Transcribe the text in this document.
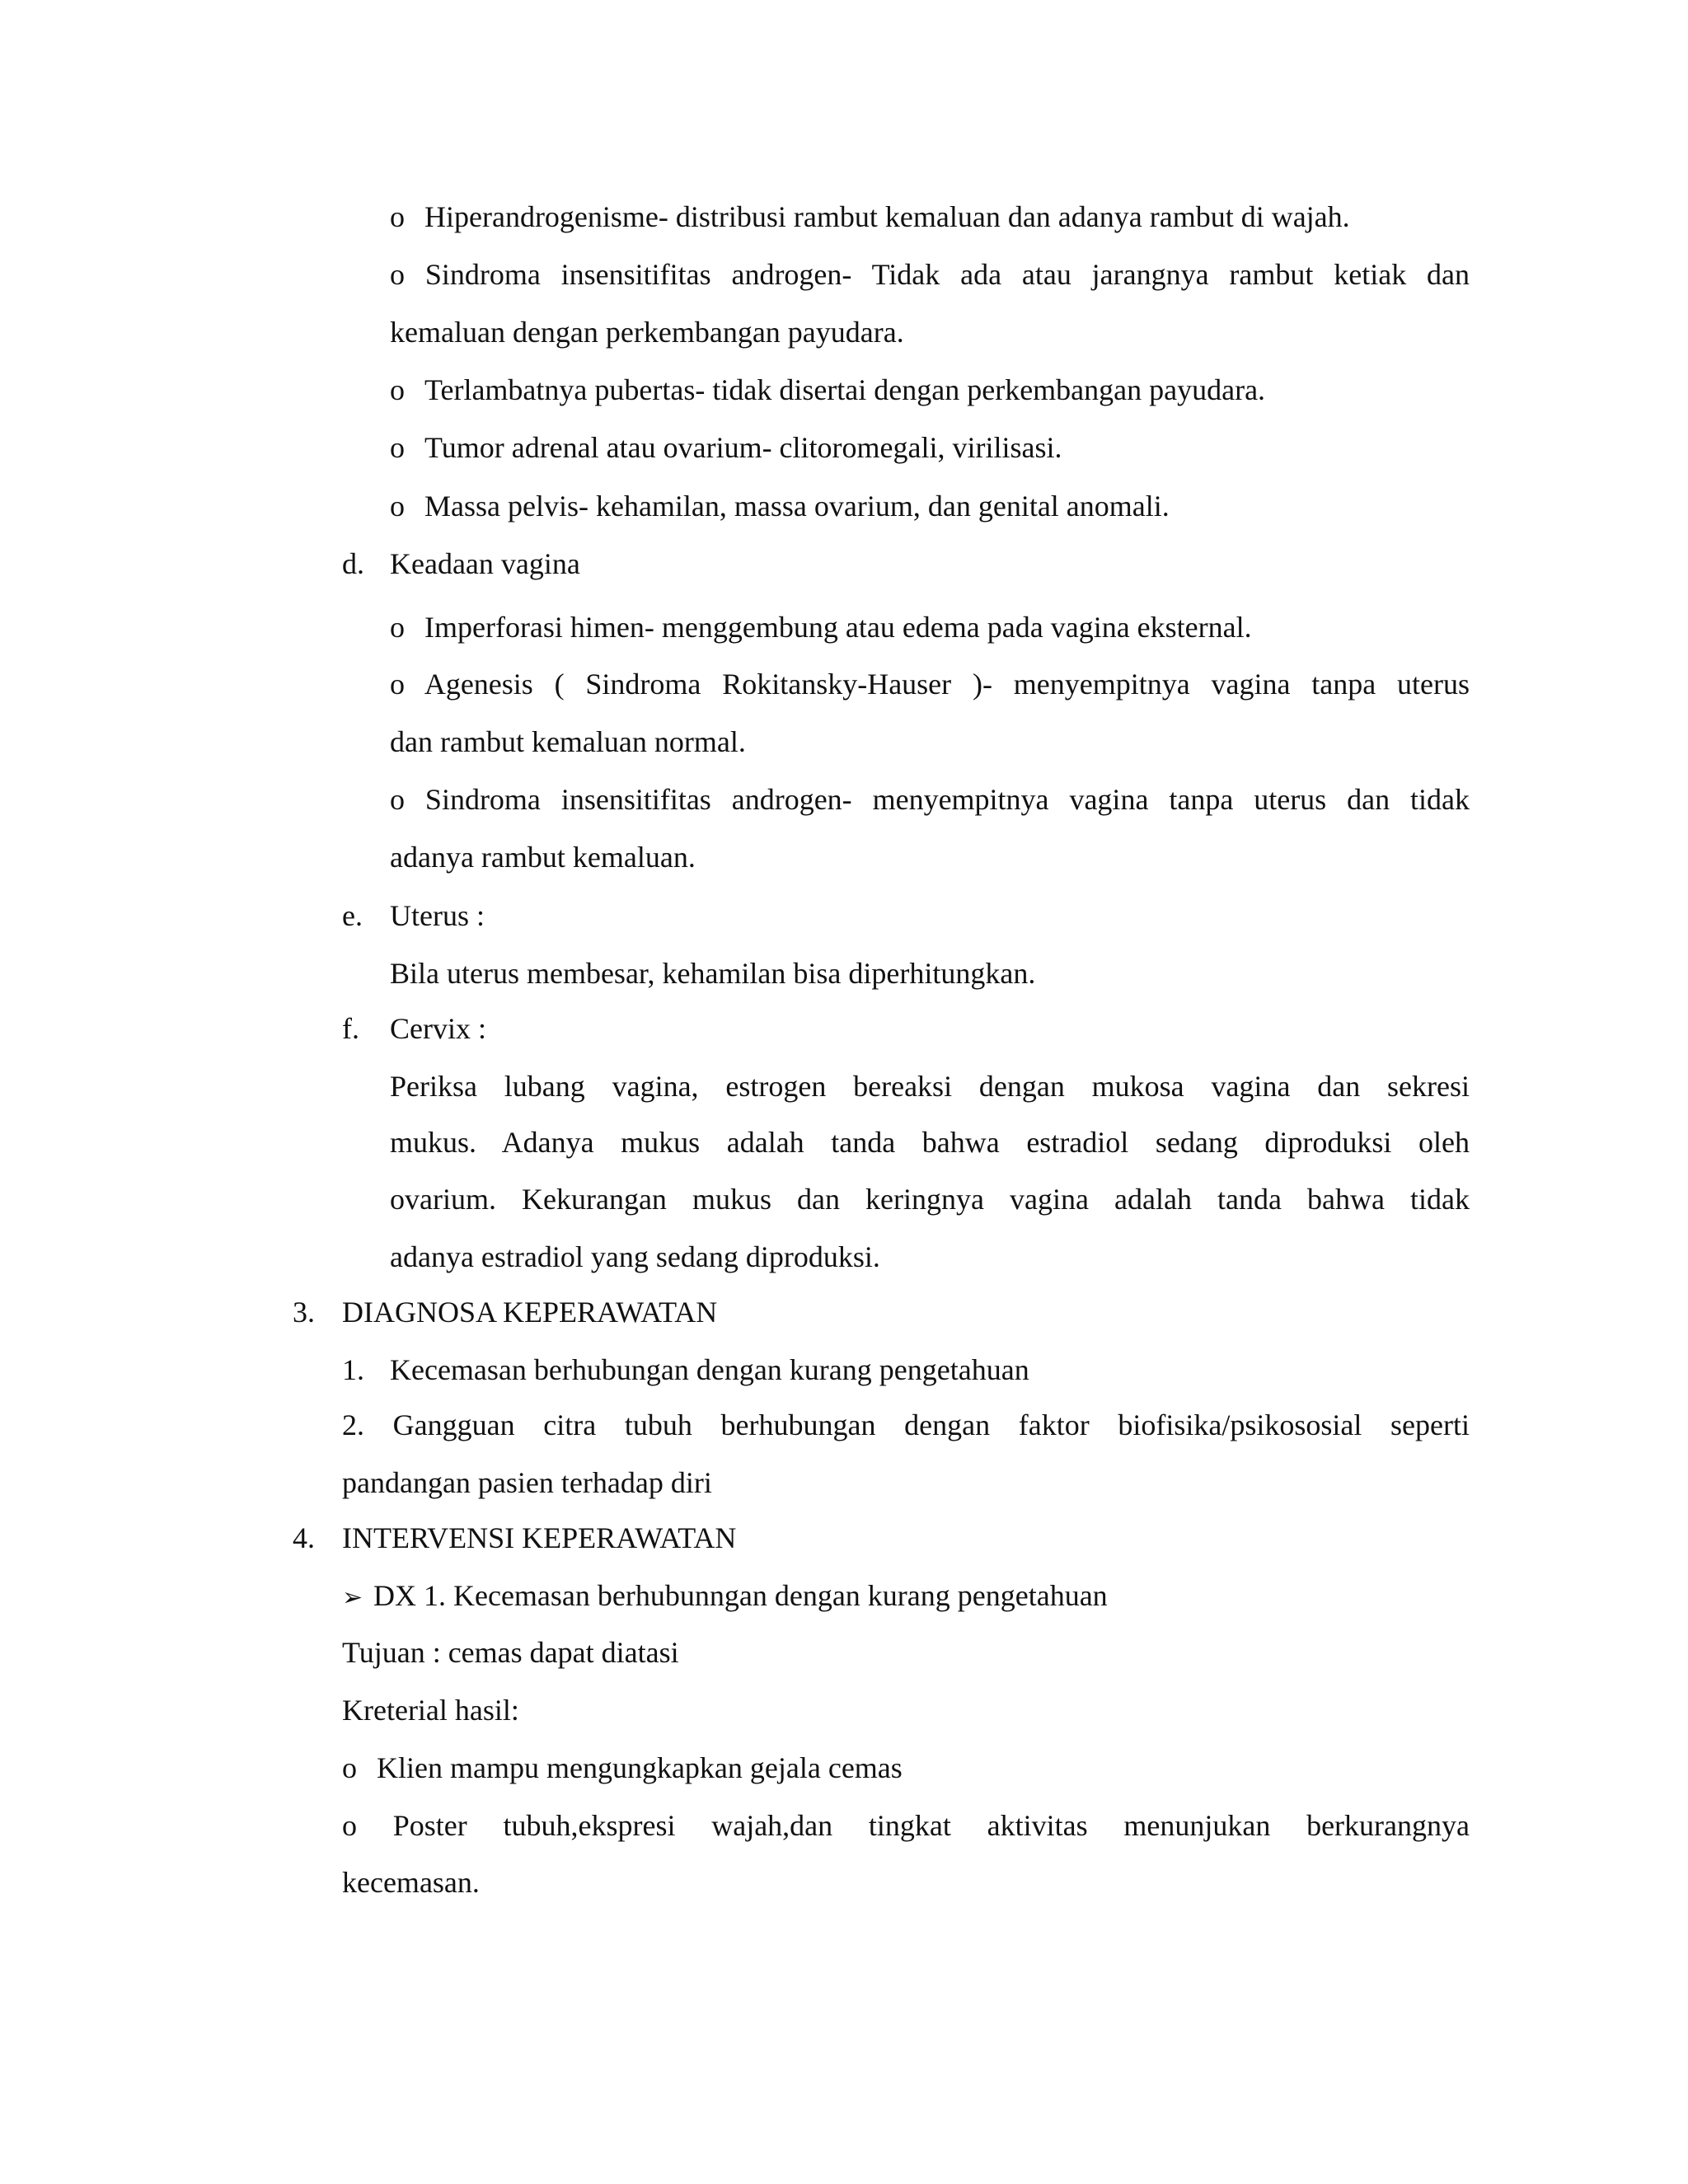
o Hiperandrogenisme- distribusi rambut kemaluan dan adanya rambut di wajah.
o Sindroma insensitifitas androgen- Tidak ada atau jarangnya rambut ketiak dan
kemaluan dengan perkembangan payudara.
o Terlambatnya pubertas- tidak disertai dengan perkembangan payudara.
o Tumor adrenal atau ovarium- clitoromegali, virilisasi.
o Massa pelvis- kehamilan, massa ovarium, dan genital anomali.
d. Keadaan vagina
o Imperforasi himen- menggembung atau edema pada vagina eksternal.
o Agenesis ( Sindroma Rokitansky-Hauser )- menyempitnya vagina tanpa uterus
dan rambut kemaluan normal.
o Sindroma insensitifitas androgen- menyempitnya vagina tanpa uterus dan tidak
adanya rambut kemaluan.
e. Uterus :
Bila uterus membesar, kehamilan bisa diperhitungkan.
f. Cervix :
Periksa lubang vagina, estrogen bereaksi dengan mukosa vagina dan sekresi
mukus. Adanya mukus adalah tanda bahwa estradiol sedang diproduksi oleh
ovarium. Kekurangan mukus dan keringnya vagina adalah tanda bahwa tidak
adanya estradiol yang sedang diproduksi.
3. DIAGNOSA KEPERAWATAN
1. Kecemasan berhubungan dengan kurang pengetahuan
2. Gangguan citra tubuh berhubungan dengan faktor biofisika/psikososial seperti
pandangan pasien terhadap diri
4. INTERVENSI KEPERAWATAN
➢ DX 1. Kecemasan berhubunngan dengan kurang pengetahuan
Tujuan : cemas dapat diatasi
Kreterial hasil:
o Klien mampu mengungkapkan gejala cemas
o Poster tubuh,ekspresi wajah,dan tingkat aktivitas menunjukan berkurangnya
kecemasan.
